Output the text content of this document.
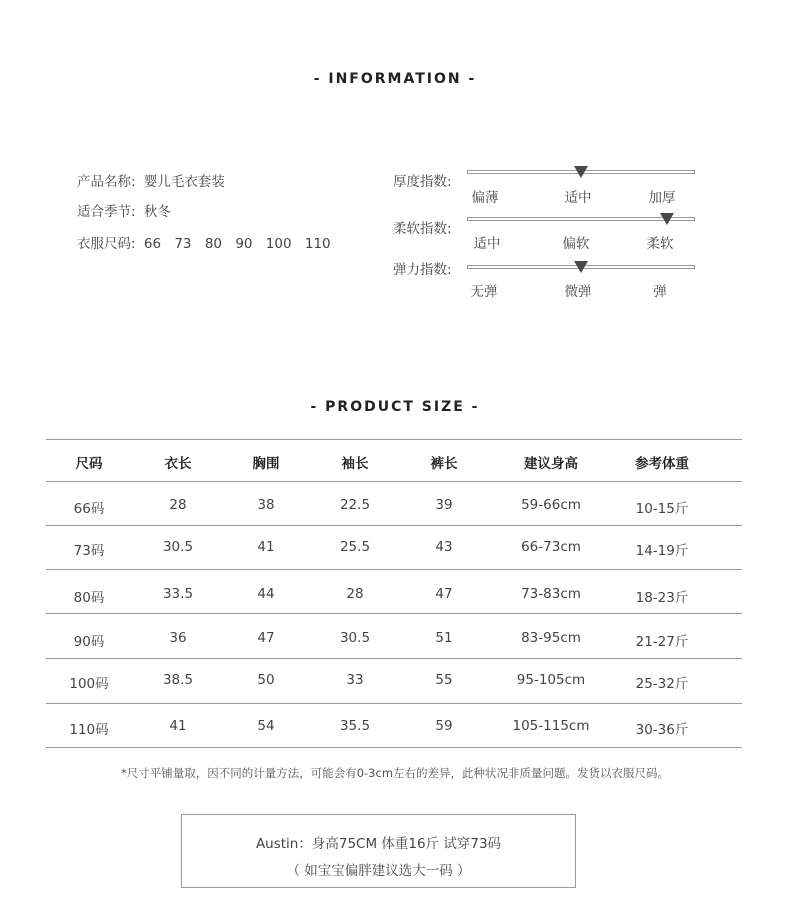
- INFORMATION -
产品名称: 婴儿毛衣套装
适合季节: 秋冬
衣服尺码: 66 73 80 90 100 110
厚度指数:
偏薄	适中	加厚
柔软指数:
适中	偏软	柔软
弹力指数:
无弹	微弹	弹
- PRODUCT SIZE -
尺码	衣长	胸围	袖长	裤长	建议身高	参考体重
66码	28	38	22.5	39	59-66cm	10-15斤
73码	30.5	41	25.5	43	66-73cm	14-19斤
80码	33.5	44	28	47	73-83cm	18-23斤
90码	36	47	30.5	51	83-95cm	21-27斤
100码	38.5	50	33	55	95-105cm	25-32斤
110码	41	54	35.5	59	105-115cm	30-36斤
*尺寸平铺量取，因不同的计量方法，可能会有0-3cm左右的差异，此种状况非质量问题。发货以衣服尺码。
Austin：身高75CM 体重16斤 试穿73码
（ 如宝宝偏胖建议选大一码 ）
